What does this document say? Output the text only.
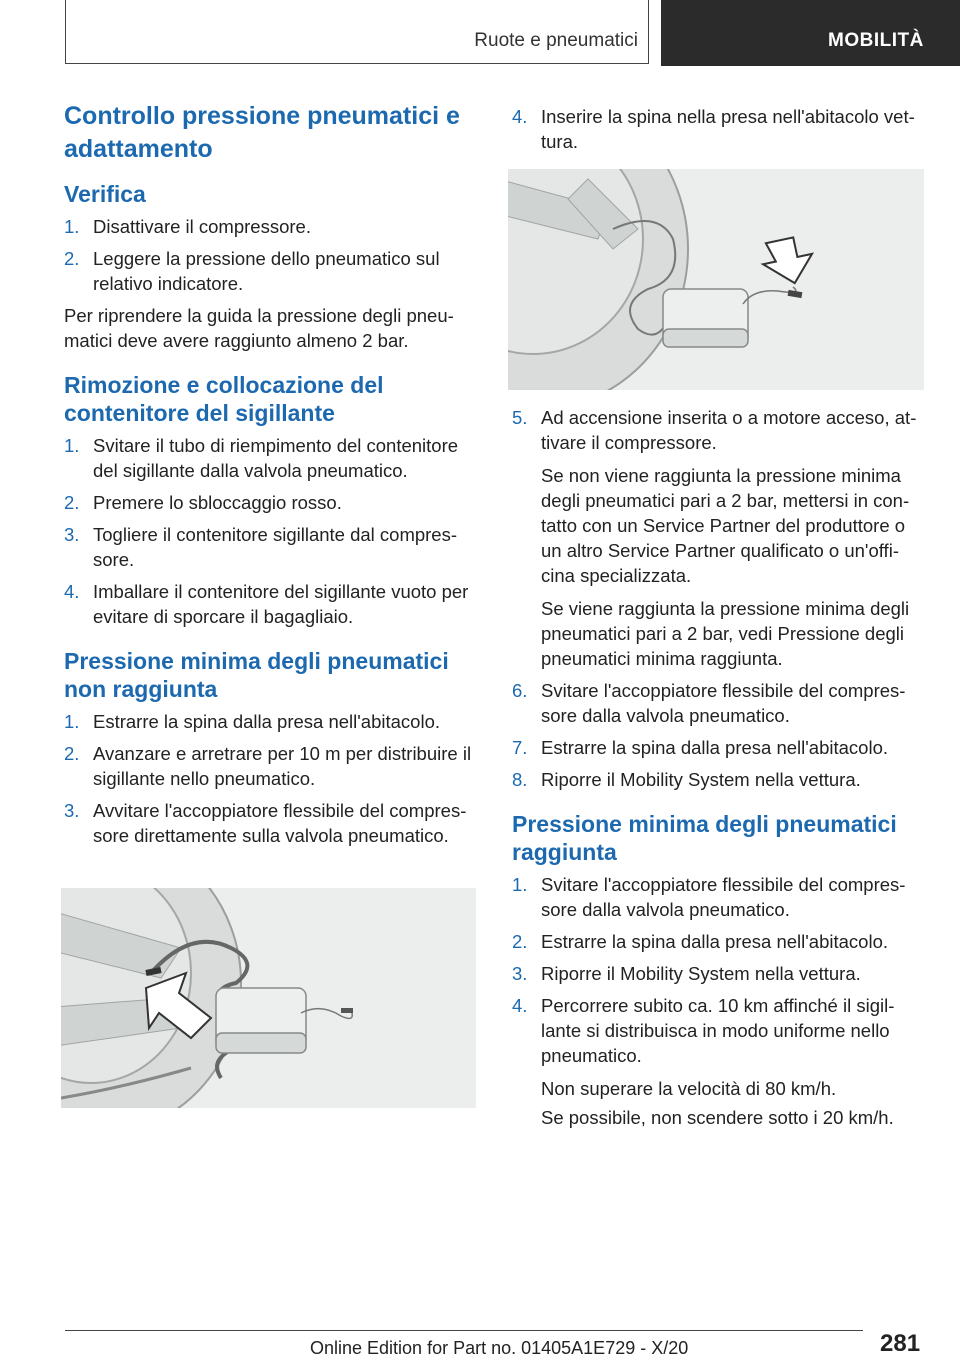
Ruote e pneumatici	MOBILITÀ
Controllo pressione pneumatici e adattamento
Verifica
1. Disattivare il compressore.
2. Leggere la pressione dello pneumatico sul relativo indicatore.

Per riprendere la guida la pressione degli pneumatici deve avere raggiunto almeno 2 bar.

Rimozione e collocazione del contenitore del sigillante
1. Svitare il tubo di riempimento del contenitore del sigillante dalla valvola pneumatico.
2. Premere lo sbloccaggio rosso.
3. Togliere il contenitore sigillante dal compressore.
4. Imballare il contenitore del sigillante vuoto per evitare di sporcare il bagagliaio.
Pressione minima degli pneumatici non raggiunta
1. Estrarre la spina dalla presa nell'abitacolo.
2. Avanzare e arretrare per 10 m per distribuire il sigillante nello pneumatico.
3. Avvitare l'accoppiatore flessibile del compressore direttamente sulla valvola pneumatico.
4. Inserire la spina nella presa nell'abitacolo vettura.
5. Ad accensione inserita o a motore acceso, attivare il compressore.
Se non viene raggiunta la pressione minima degli pneumatici pari a 2 bar, mettersi in contatto con un Service Partner del produttore o un altro Service Partner qualificato o un'officina specializzata.
Se viene raggiunta la pressione minima degli pneumatici pari a 2 bar, vedi Pressione degli pneumatici minima raggiunta.
6. Svitare l'accoppiatore flessibile del compressore dalla valvola pneumatico.
7. Estrarre la spina dalla presa nell'abitacolo.
8. Riporre il Mobility System nella vettura.
Pressione minima degli pneumatici raggiunta
1. Svitare l'accoppiatore flessibile del compressore dalla valvola pneumatico.
2. Estrarre la spina dalla presa nell'abitacolo.
3. Riporre il Mobility System nella vettura.
4. Percorrere subito ca. 10 km affinché il sigillante si distribuisca in modo uniforme nello pneumatico.
Non superare la velocità di 80 km/h.
Se possibile, non scendere sotto i 20 km/h.
281
Online Edition for Part no. 01405A1E729 - X/20
